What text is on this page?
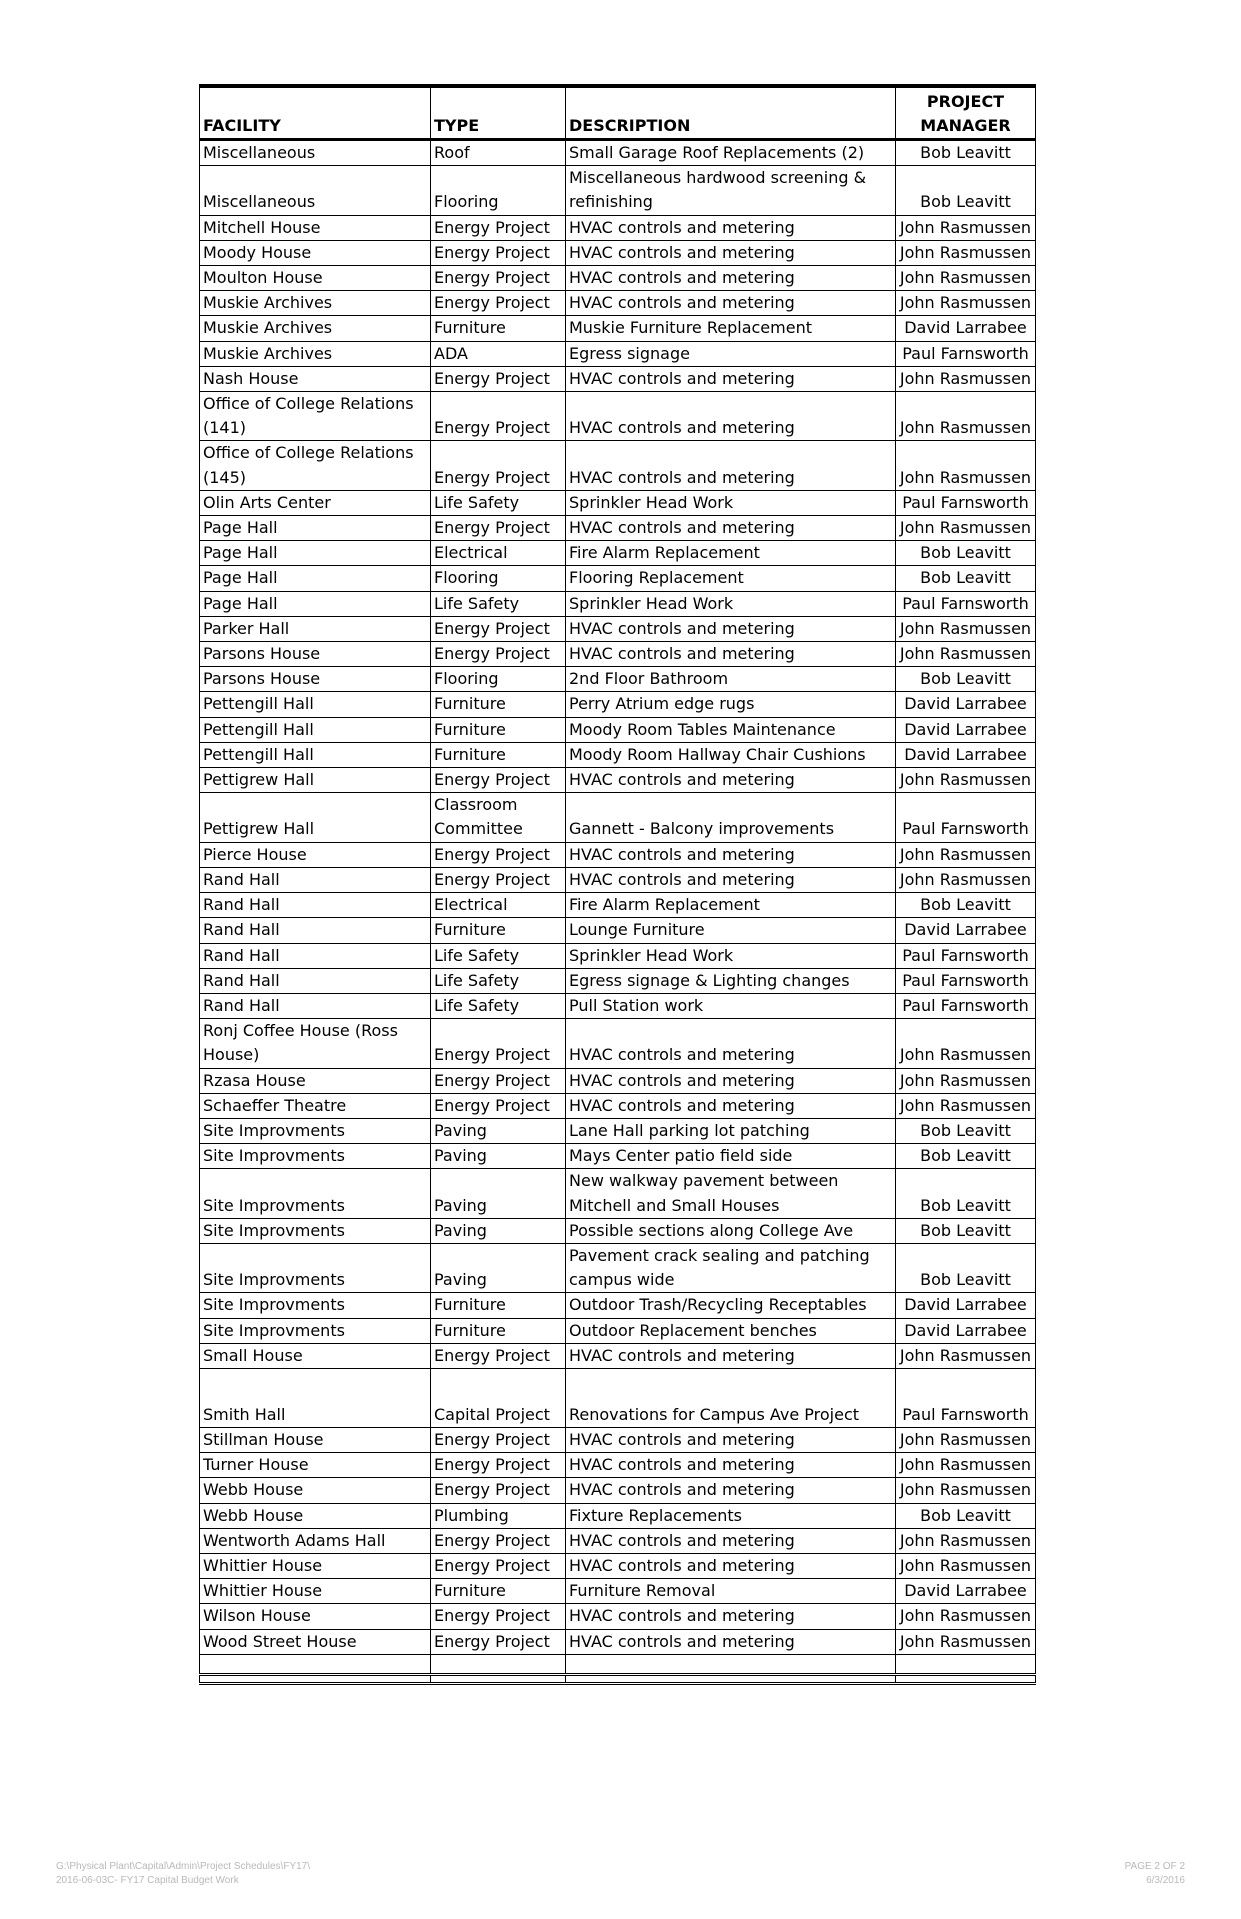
FACILITY	TYPE	DESCRIPTION	PROJECT MANAGER
Miscellaneous	Roof	Small Garage Roof Replacements (2)	Bob Leavitt
Miscellaneous	Flooring	Miscellaneous hardwood screening & refinishing	Bob Leavitt
Mitchell House	Energy Project	HVAC controls and metering	John Rasmussen
Moody House	Energy Project	HVAC controls and metering	John Rasmussen
Moulton House	Energy Project	HVAC controls and metering	John Rasmussen
Muskie Archives	Energy Project	HVAC controls and metering	John Rasmussen
Muskie Archives	Furniture	Muskie Furniture Replacement	David Larrabee
Muskie Archives	ADA	Egress signage	Paul Farnsworth
Nash House	Energy Project	HVAC controls and metering	John Rasmussen
Office of College Relations (141)	Energy Project	HVAC controls and metering	John Rasmussen
Office of College Relations (145)	Energy Project	HVAC controls and metering	John Rasmussen
Olin Arts Center	Life Safety	Sprinkler Head Work	Paul Farnsworth
Page Hall	Energy Project	HVAC controls and metering	John Rasmussen
Page Hall	Electrical	Fire Alarm Replacement	Bob Leavitt
Page Hall	Flooring	Flooring Replacement	Bob Leavitt
Page Hall	Life Safety	Sprinkler Head Work	Paul Farnsworth
Parker Hall	Energy Project	HVAC controls and metering	John Rasmussen
Parsons House	Energy Project	HVAC controls and metering	John Rasmussen
Parsons House	Flooring	2nd Floor Bathroom	Bob Leavitt
Pettengill Hall	Furniture	Perry Atrium edge rugs	David Larrabee
Pettengill Hall	Furniture	Moody Room Tables Maintenance	David Larrabee
Pettengill Hall	Furniture	Moody Room Hallway Chair Cushions	David Larrabee
Pettigrew Hall	Energy Project	HVAC controls and metering	John Rasmussen
Pettigrew Hall	Classroom Committee	Gannett - Balcony improvements	Paul Farnsworth
Pierce House	Energy Project	HVAC controls and metering	John Rasmussen
Rand Hall	Energy Project	HVAC controls and metering	John Rasmussen
Rand Hall	Electrical	Fire Alarm Replacement	Bob Leavitt
Rand Hall	Furniture	Lounge Furniture	David Larrabee
Rand Hall	Life Safety	Sprinkler Head Work	Paul Farnsworth
Rand Hall	Life Safety	Egress signage & Lighting changes	Paul Farnsworth
Rand Hall	Life Safety	Pull Station work	Paul Farnsworth
Ronj Coffee House (Ross House)	Energy Project	HVAC controls and metering	John Rasmussen
Rzasa House	Energy Project	HVAC controls and metering	John Rasmussen
Schaeffer Theatre	Energy Project	HVAC controls and metering	John Rasmussen
Site Improvments	Paving	Lane Hall parking lot patching	Bob Leavitt
Site Improvments	Paving	Mays Center patio field side	Bob Leavitt
Site Improvments	Paving	New walkway pavement between Mitchell and Small Houses	Bob Leavitt
Site Improvments	Paving	Possible sections along College Ave	Bob Leavitt
Site Improvments	Paving	Pavement crack sealing and patching campus wide	Bob Leavitt
Site Improvments	Furniture	Outdoor Trash/Recycling Receptables	David Larrabee
Site Improvments	Furniture	Outdoor Replacement benches	David Larrabee
Small House	Energy Project	HVAC controls and metering	John Rasmussen
Smith Hall	Capital Project	Renovations for Campus Ave Project	Paul Farnsworth
Stillman House	Energy Project	HVAC controls and metering	John Rasmussen
Turner House	Energy Project	HVAC controls and metering	John Rasmussen
Webb House	Energy Project	HVAC controls and metering	John Rasmussen
Webb House	Plumbing	Fixture Replacements	Bob Leavitt
Wentworth Adams Hall	Energy Project	HVAC controls and metering	John Rasmussen
Whittier House	Energy Project	HVAC controls and metering	John Rasmussen
Whittier House	Furniture	Furniture Removal	David Larrabee
Wilson House	Energy Project	HVAC controls and metering	John Rasmussen
Wood Street House	Energy Project	HVAC controls and metering	John Rasmussen

G:\Physical Plant\Capital\Admin\Project Schedules\FY17\
2016-06-03C- FY17 Capital Budget Work
PAGE 2 OF 2
6/3/2016
